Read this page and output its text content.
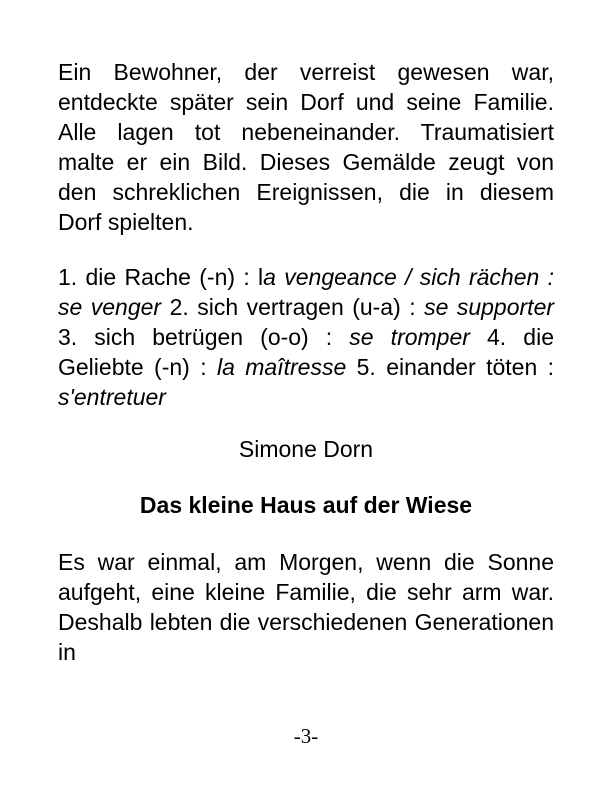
Ein Bewohner, der verreist gewesen war, entdeckte später sein Dorf und seine Familie. Alle lagen tot nebeneinander. Traumatisiert malte er ein Bild. Dieses Gemälde zeugt von den schreklichen Ereignissen, die in diesem Dorf spielten.

1. die Rache (-n) : la vengeance / sich rächen : se venger 2. sich vertragen (u-a) : se supporter 3. sich betrügen (o-o) : se tromper 4. die Geliebte (-n) : la maîtresse 5. einander töten : s'entretuer

Simone Dorn

Das kleine Haus auf der Wiese

Es war einmal, am Morgen, wenn die Sonne aufgeht, eine kleine Familie, die sehr arm war. Deshalb lebten die verschiedenen Generationen in

-3-
